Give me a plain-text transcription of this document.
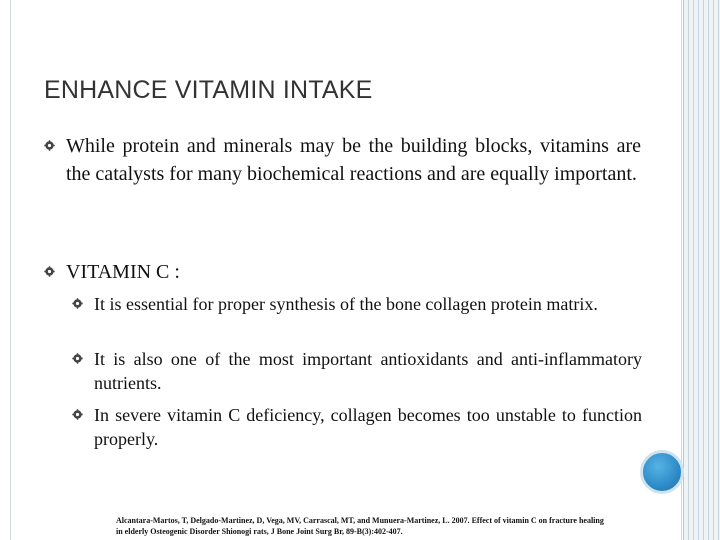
ENHANCE VITAMIN INTAKE
While protein and minerals may be the building blocks, vitamins are the catalysts for many biochemical reactions and are equally important.
VITAMIN C :
It is essential for proper synthesis of the bone collagen protein matrix.
It is also one of the most important antioxidants and anti‑inflammatory nutrients.
In severe vitamin C deficiency, collagen becomes too unstable to function properly.
Alcantara-Martos, T, Delgado-Martinez, D, Vega, MV, Carrascal, MT, and Munuera-Martinez, L. 2007. Effect of vitamin C on fracture healing in elderly Osteogenic Disorder Shionogi rats, J Bone Joint Surg Br, 89-B(3):402-407.
